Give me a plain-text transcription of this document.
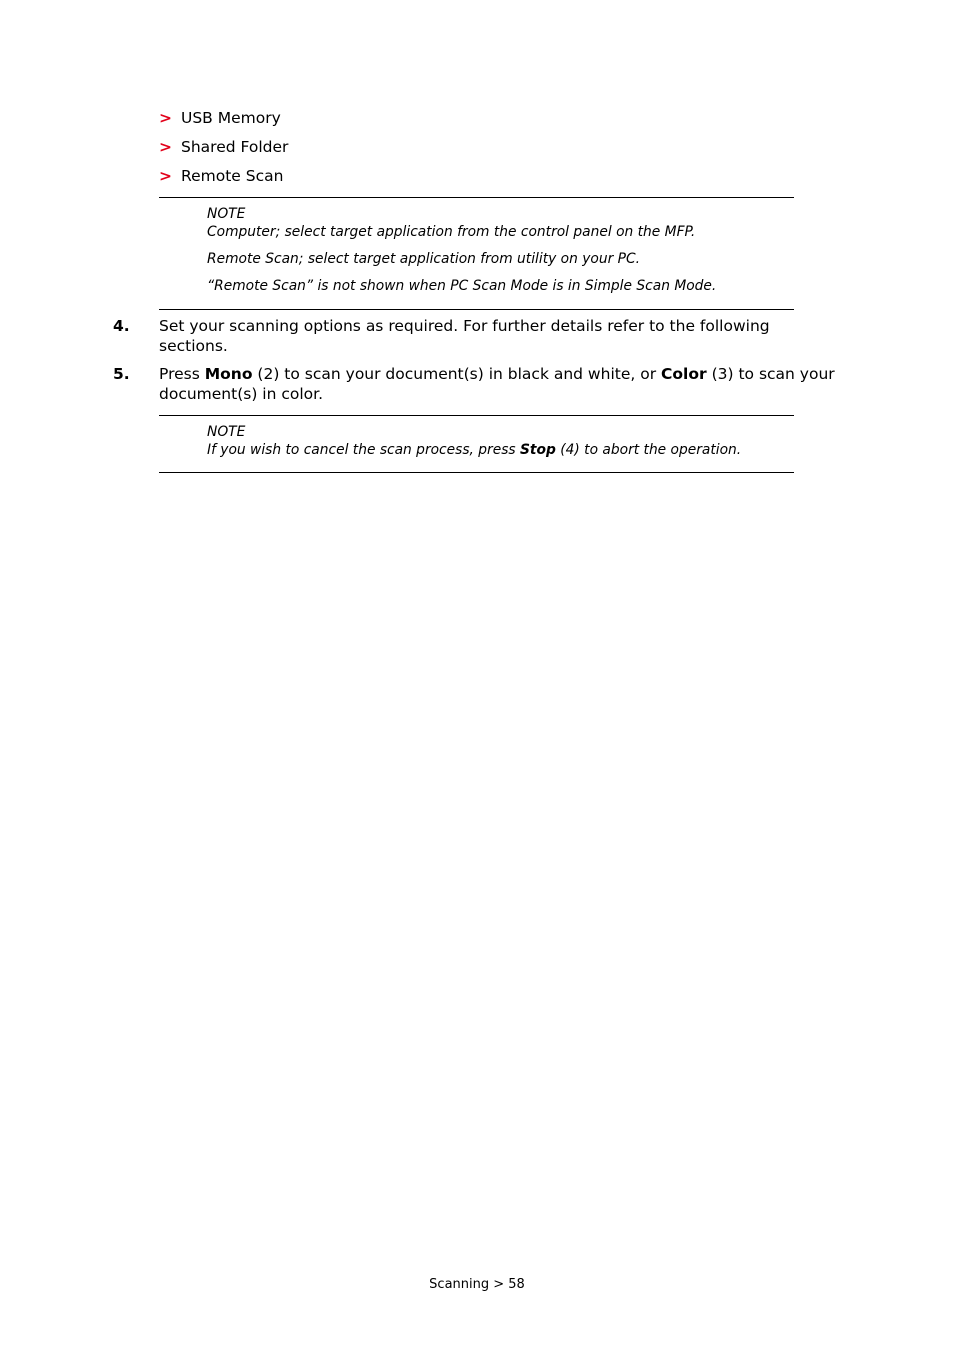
> USB Memory
> Shared Folder
> Remote Scan
NOTE
Computer; select target application from the control panel on the MFP.
Remote Scan; select target application from utility on your PC.
“Remote Scan” is not shown when PC Scan Mode is in Simple Scan Mode.
4. Set your scanning options as required. For further details refer to the following sections.
5. Press Mono (2) to scan your document(s) in black and white, or Color (3) to scan your document(s) in color.
NOTE
If you wish to cancel the scan process, press Stop (4) to abort the operation.
Scanning > 58
